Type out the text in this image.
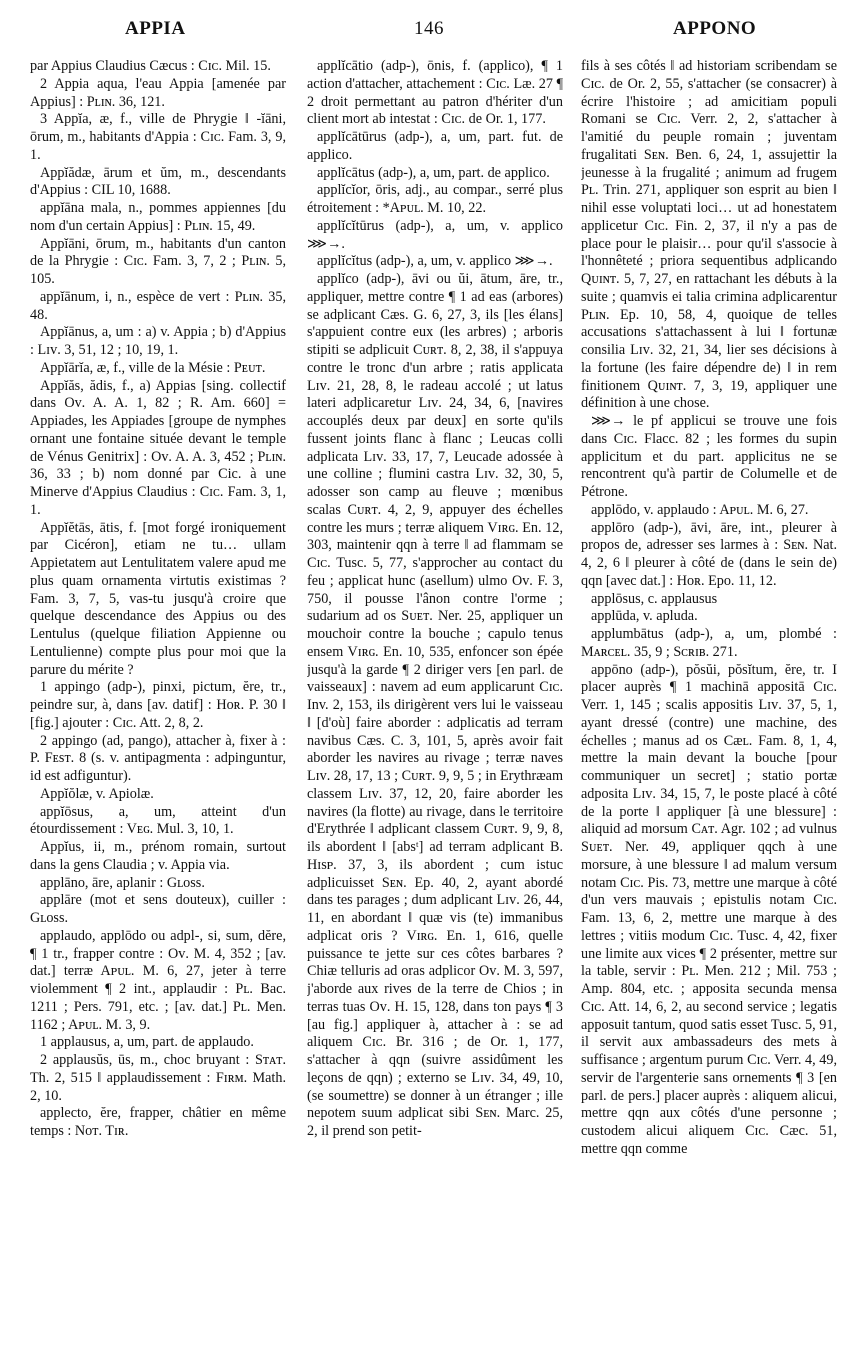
APPIA	146	APPONO

par Appius Claudius Cæcus : Cɪᴄ. Mil. 15.

2 Appia aqua, l'eau Appia [amenée par Appius] : Pʟɪɴ. 36, 121.

3 Appĭa, æ, f., ville de Phrygie ‖ -ĭāni, ōrum, m., habitants d'Appia : Cɪᴄ. Fam. 3, 9, 1.

Appĭădæ, ārum et ŭm, m., descendants d'Appius : CIL 10, 1688.

appĭāna mala, n., pommes appiennes [du nom d'un certain Appius] : Pʟɪɴ. 15, 49.

Appĭāni, ōrum, m., habitants d'un canton de la Phrygie : Cɪᴄ. Fam. 3, 7, 2 ; Pʟɪɴ. 5, 105.

appĭānum, i, n., espèce de vert : Pʟɪɴ. 35, 48.

Appĭānus, a, um : a) v. Appia ; b) d'Appius : Lɪᴠ. 3, 51, 12 ; 10, 19, 1.

Appĭārĭa, æ, f., ville de la Mésie : Pᴇᴜᴛ.

Appĭăs, ădis, f., a) Appias [sing. collectif dans Oᴠ. A. A. 1, 82 ; R. Am. 660] = Appiades, les Appiades [groupe de nymphes ornant une fontaine située devant le temple de Vénus Genitrix] : Oᴠ. A. A. 3, 452 ; Pʟɪɴ. 36, 33 ; b) nom donné par Cic. à une Minerve d'Appius Claudius : Cɪᴄ. Fam. 3, 1, 1.

Appĭĕtās, ātis, f. [mot forgé ironiquement par Cicéron], etiam ne tu… ullam Appietatem aut Lentulitatem valere apud me plus quam ornamenta virtutis existimas ? Fam. 3, 7, 5, vas-tu jusqu'à croire que quelque descendance des Appius ou des Lentulus (quelque filiation Appienne ou Lentulienne) compte plus pour moi que la parure du mérite ?

1 appingo (adp-), pinxi, pictum, ĕre, tr., peindre sur, à, dans [av. datif] : Hᴏʀ. P. 30 ‖ [fig.] ajouter : Cɪᴄ. Att. 2, 8, 2.

2 appingo (ad, pango), attacher à, fixer à : P. Fᴇsᴛ. 8 (s. v. antipagmenta : adpinguntur, id est adfiguntur).

Appĭŏlæ, v. Apiolæ.

appĭōsus, a, um, atteint d'un étourdissement : Vᴇɢ. Mul. 3, 10, 1.

Appĭus, ii, m., prénom romain, surtout dans la gens Claudia ; v. Appia via.

applāno, āre, aplanir : Gʟᴏss.

applāre (mot et sens douteux), cuiller : Gʟᴏss.

applaudo, applōdo ou adpl-, si, sum, dĕre, ¶ 1 tr., frapper contre : Oᴠ. M. 4, 352 ; [av. dat.] terræ Aᴘᴜʟ. M. 6, 27, jeter à terre violemment ¶ 2 int., applaudir : Pʟ. Bac. 1211 ; Pers. 791, etc. ; [av. dat.] Pʟ. Men. 1162 ; Aᴘᴜʟ. M. 3, 9.

1 applausus, a, um, part. de applaudo.

2 applausŭs, ūs, m., choc bruyant : Sᴛᴀᴛ. Th. 2, 515 ‖ applaudissement : Fɪʀᴍ. Math. 2, 10.

applecto, ĕre, frapper, châtier en même temps : Nᴏᴛ. Tɪʀ.

applĭcātio (adp-), ōnis, f. (applico), ¶ 1 action d'attacher, attachement : Cɪᴄ. Læ. 27 ¶ 2 droit permettant au patron d'hériter d'un client mort ab intestat : Cɪᴄ. de Or. 1, 177.

applĭcātūrus (adp-), a, um, part. fut. de applico.

applĭcātus (adp-), a, um, part. de applico.

applĭcĭor, ōris, adj., au compar., serré plus étroitement : *Aᴘᴜʟ. M. 10, 22.

applĭcĭtūrus (adp-), a, um, v. applico ⋙→.

applĭcĭtus (adp-), a, um, v. applico ⋙→.

applĭco (adp-), āvi ou ŭi, ātum, āre, tr., appliquer, mettre contre ¶ 1 ad eas (arbores) se adplicant Cæs. G. 6, 27, 3, ils [les élans] s'appuient contre eux (les arbres) ; arboris stipiti se adplicuit Cᴜʀᴛ. 8, 2, 38, il s'appuya contre le tronc d'un arbre ; ratis applicata Lɪᴠ. 21, 28, 8, le radeau accolé ; ut latus lateri adplicaretur Lɪᴠ. 24, 34, 6, [navires accouplés deux par deux] en sorte qu'ils fussent joints flanc à flanc ; Leucas colli adplicata Lɪᴠ. 33, 17, 7, Leucade adossée à une colline ; flumini castra Lɪᴠ. 32, 30, 5, adosser son camp au fleuve ; mœnibus scalas Cᴜʀᴛ. 4, 2, 9, appuyer des échelles contre les murs ; terræ aliquem Vɪʀɢ. En. 12, 303, maintenir qqn à terre ‖ ad flammam se Cɪᴄ. Tusc. 5, 77, s'approcher au contact du feu ; applicat hunc (asellum) ulmo Oᴠ. F. 3, 750, il pousse l'ânon contre l'orme ; sudarium ad os Sᴜᴇᴛ. Ner. 25, appliquer un mouchoir contre la bouche ; capulo tenus ensem Vɪʀɢ. En. 10, 535, enfoncer son épée jusqu'à la garde ¶ 2 diriger vers [en parl. de vaisseaux] : navem ad eum applicarunt Cɪᴄ. Inv. 2, 153, ils dirigèrent vers lui le vaisseau ‖ [d'où] faire aborder : adplicatis ad terram navibus Cæs. C. 3, 101, 5, après avoir fait aborder les navires au rivage ; terræ naves Lɪᴠ. 28, 17, 13 ; Cᴜʀᴛ. 9, 9, 5 ; in Erythræam classem Lɪᴠ. 37, 12, 20, faire aborder les navires (la flotte) au rivage, dans le territoire d'Erythrée ‖ adplicant classem Cᴜʀᴛ. 9, 9, 8, ils abordent ‖ [absᵗ] ad terram adplicant B. Hɪsᴘ. 37, 3, ils abordent ; cum istuc adplicuisset Sᴇɴ. Ep. 40, 2, ayant abordé dans tes parages ; dum adplicant Lɪᴠ. 26, 44, 11, en abordant ‖ quæ vis (te) immanibus adplicat oris ? Vɪʀɢ. En. 1, 616, quelle puissance te jette sur ces côtes barbares ? Chiæ telluris ad oras adplicor Oᴠ. M. 3, 597, j'aborde aux rives de la terre de Chios ; in terras tuas Oᴠ. H. 15, 128, dans ton pays ¶ 3 [au fig.] appliquer à, attacher à : se ad aliquem Cɪᴄ. Br. 316 ; de Or. 1, 177, s'attacher à qqn (suivre assidûment les leçons de qqn) ; externo se Lɪᴠ. 34, 49, 10, (se soumettre) se donner à un étranger ; ille nepotem suum adplicat sibi Sᴇɴ. Marc. 25, 2, il prend son petit-

fils à ses côtés ‖ ad historiam scribendam se Cɪᴄ. de Or. 2, 55, s'attacher (se consacrer) à écrire l'histoire ; ad amicitiam populi Romani se Cɪᴄ. Verr. 2, 2, s'attacher à l'amitié du peuple romain ; juventam frugalitati Sᴇɴ. Ben. 6, 24, 1, assujettir la jeunesse à la frugalité ; animum ad frugem Pʟ. Trin. 271, appliquer son esprit au bien ‖ nihil esse voluptati loci… ut ad honestatem applicetur Cɪᴄ. Fin. 2, 37, il n'y a pas de place pour le plaisir… pour qu'il s'associe à l'honnêteté ; priora sequentibus adplicando Qᴜɪɴᴛ. 5, 7, 27, en rattachant les débuts à la suite ; quamvis ei talia crimina adplicarentur Pʟɪɴ. Ep. 10, 58, 4, quoique de telles accusations s'attachassent à lui ‖ fortunæ consilia Lɪᴠ. 32, 21, 34, lier ses décisions à la fortune (les faire dépendre de) ‖ in rem finitionem Qᴜɪɴᴛ. 7, 3, 19, appliquer une définition à une chose.

⋙→ le pf applicui se trouve une fois dans Cɪᴄ. Flacc. 82 ; les formes du supin applicitum et du part. applicitus ne se rencontrent qu'à partir de Columelle et de Pétrone.

applōdo, v. applaudo : Aᴘᴜʟ. M. 6, 27.

applōro (adp-), āvi, āre, int., pleurer à propos de, adresser ses larmes à : Sᴇɴ. Nat. 4, 2, 6 ‖ pleurer à côté de (dans le sein de) qqn [avec dat.] : Hᴏʀ. Epo. 11, 12.

applōsus, c. applausus

applūda, v. apluda.

applumbātus (adp-), a, um, plombé : Mᴀʀᴄᴇʟ. 35, 9 ; Sᴄʀɪʙ. 271.

appōno (adp-), pŏsŭi, pŏsĭtum, ĕre, tr. I placer auprès ¶ 1 machinā appositā Cɪᴄ. Verr. 1, 145 ; scalis appositis Lɪᴠ. 37, 5, 1, ayant dressé (contre) une machine, des échelles ; manus ad os Cæʟ. Fam. 8, 1, 4, mettre la main devant la bouche [pour communiquer un secret] ; statio portæ adposita Lɪᴠ. 34, 15, 7, le poste placé à côté de la porte ‖ appliquer [à une blessure] : aliquid ad morsum Cᴀᴛ. Agr. 102 ; ad vulnus Sᴜᴇᴛ. Ner. 49, appliquer qqch à une morsure, à une blessure ‖ ad malum versum notam Cɪᴄ. Pis. 73, mettre une marque à côté d'un vers mauvais ; epistulis notam Cɪᴄ. Fam. 13, 6, 2, mettre une marque à des lettres ; vitiis modum Cɪᴄ. Tusc. 4, 42, fixer une limite aux vices ¶ 2 présenter, mettre sur la table, servir : Pʟ. Men. 212 ; Mil. 753 ; Amp. 804, etc. ; apposita secunda mensa Cɪᴄ. Att. 14, 6, 2, au second service ; legatis apposuit tantum, quod satis esset Tusc. 5, 91, il servit aux ambassadeurs des mets à suffisance ; argentum purum Cɪᴄ. Verr. 4, 49, servir de l'argenterie sans ornements ¶ 3 [en parl. de pers.] placer auprès : aliquem alicui, mettre qqn aux côtés d'une personne ; custodem alicui aliquem Cɪᴄ. Cæc. 51, mettre qqn comme
